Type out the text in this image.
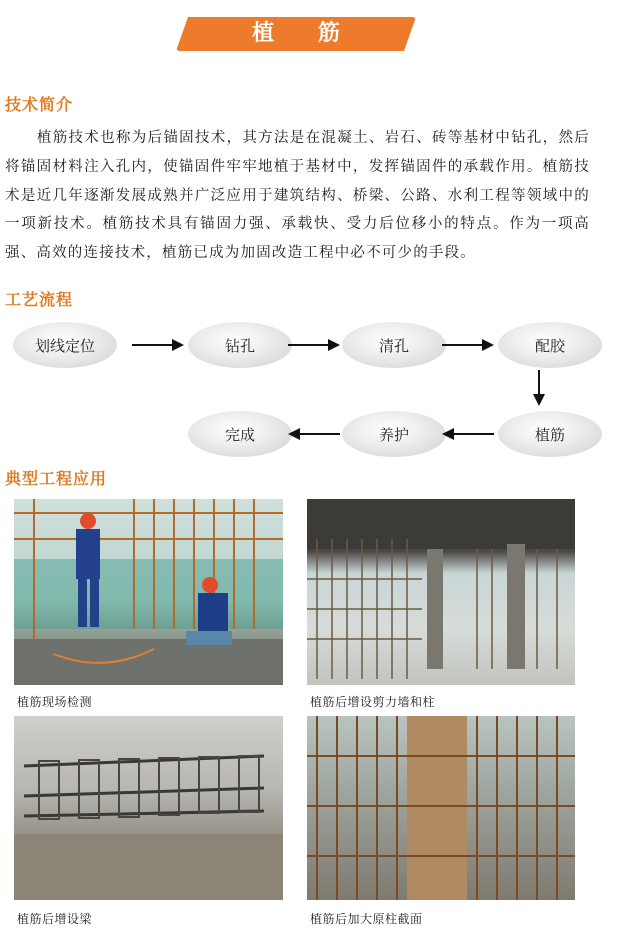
植 筋
技术简介

植筋技术也称为后锚固技术，其方法是在混凝土、岩石、砖等基材中钻孔，然后将锚固材料注入孔内，使锚固件牢牢地植于基材中，发挥锚固件的承载作用。植筋技术是近几年逐渐发展成熟并广泛应用于建筑结构、桥梁、公路、水利工程等领域中的一项新技术。植筋技术具有锚固力强、承载快、受力后位移小的特点。作为一项高强、高效的连接技术，植筋已成为加固改造工程中必不可少的手段。

工艺流程
划线定位	钻孔	清孔	配胶
植筋
养护
完成
典型工程应用
植筋现场检测	植筋后增设剪力墙和柱
植筋后增设梁	植筋后加大原柱截面
